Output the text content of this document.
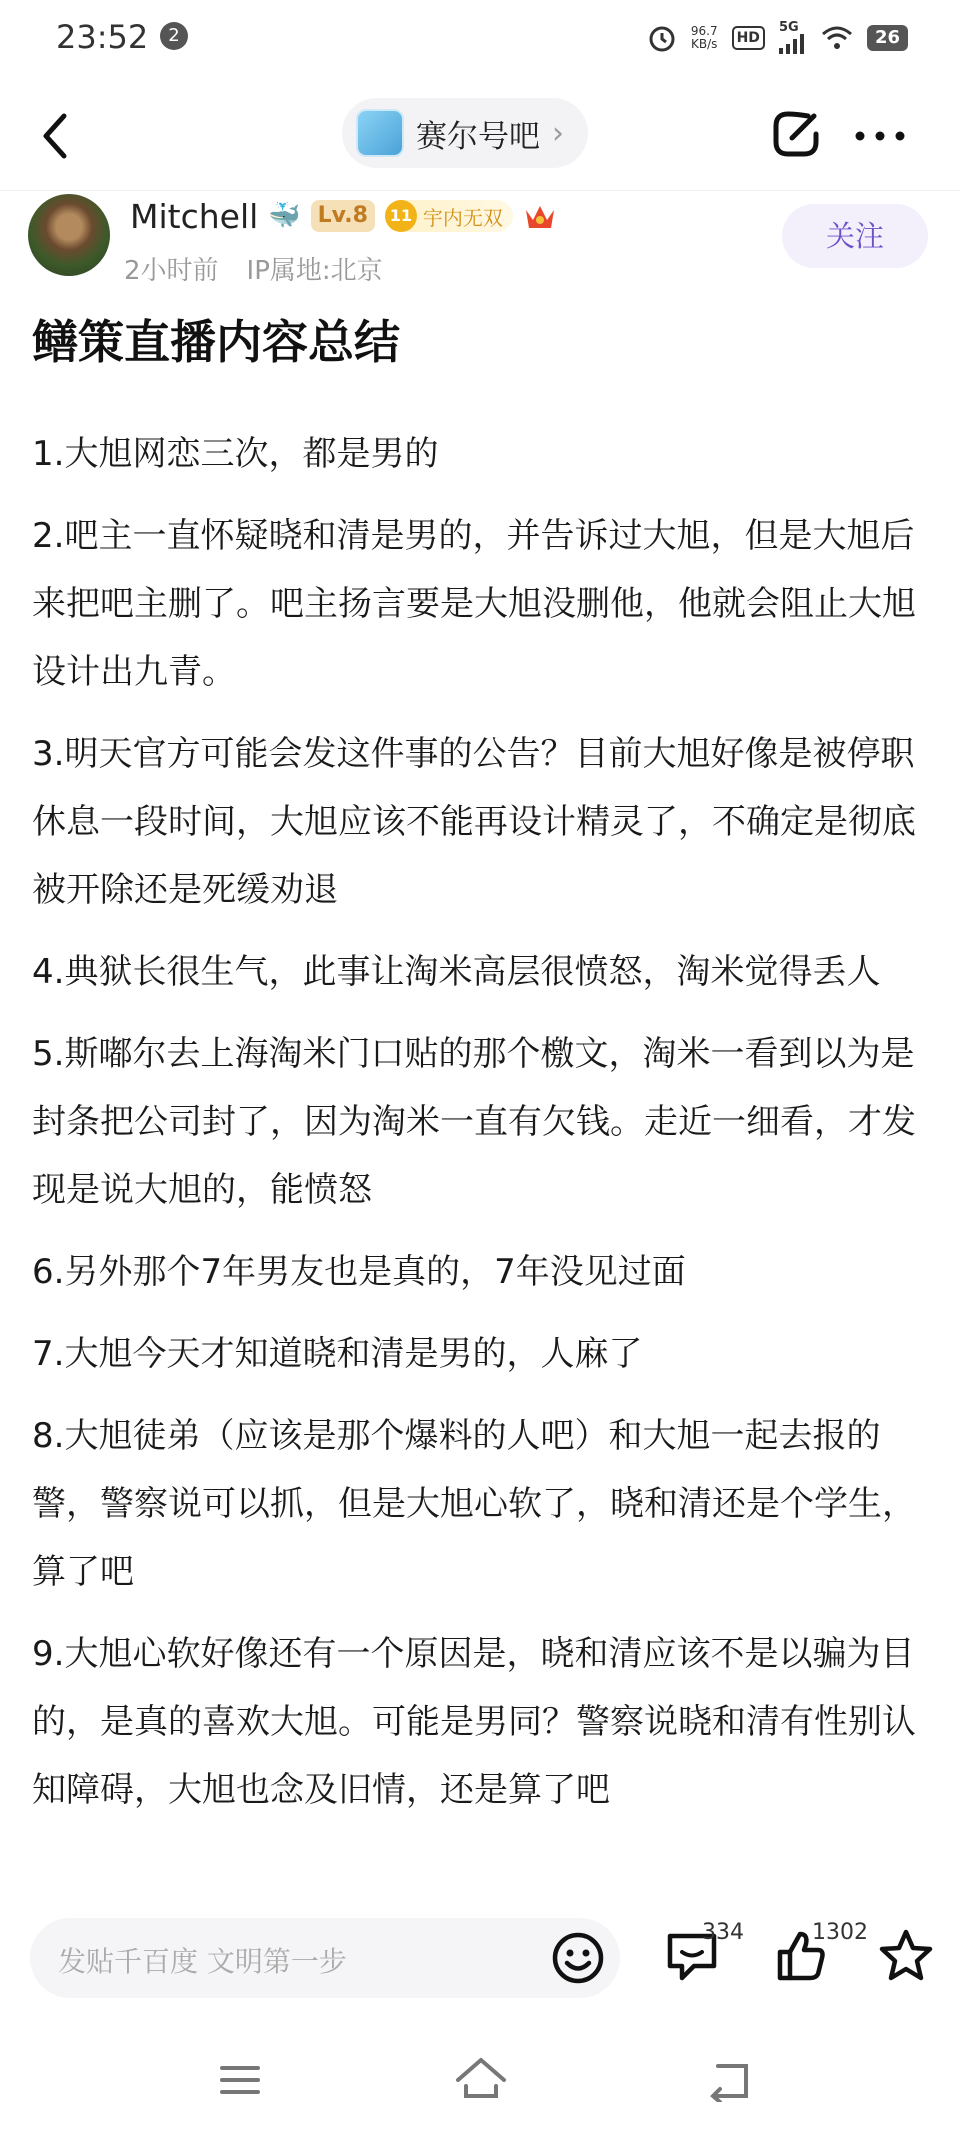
23:52	2	96.7
KB/s	HD
5G	26
赛尔号吧 ›
Mitchell 🐳 Lv.8	11 宇内无双
2小时前 IP属地:北京
关注
鳝策直播内容总结

1.大旭网恋三次，都是男的

2.吧主一直怀疑晓和清是男的，并告诉过大旭，但是大旭后来把吧主删了。吧主扬言要是大旭没删他，他就会阻止大旭设计出九青。

3.明天官方可能会发这件事的公告？目前大旭好像是被停职休息一段时间，大旭应该不能再设计精灵了，不确定是彻底被开除还是死缓劝退

4.典狱长很生气，此事让淘米高层很愤怒，淘米觉得丢人

5.斯嘟尔去上海淘米门口贴的那个檄文，淘米一看到以为是封条把公司封了，因为淘米一直有欠钱。走近一细看，才发现是说大旭的，能愤怒

6.另外那个7年男友也是真的，7年没见过面

7.大旭今天才知道晓和清是男的，人麻了

8.大旭徒弟（应该是那个爆料的人吧）和大旭一起去报的警，警察说可以抓，但是大旭心软了，晓和清还是个学生，算了吧

9.大旭心软好像还有一个原因是，晓和清应该不是以骗为目的，是真的喜欢大旭。可能是男同？警察说晓和清有性别认知障碍，大旭也念及旧情，还是算了吧

发贴千百度 文明第一步
334	1302
